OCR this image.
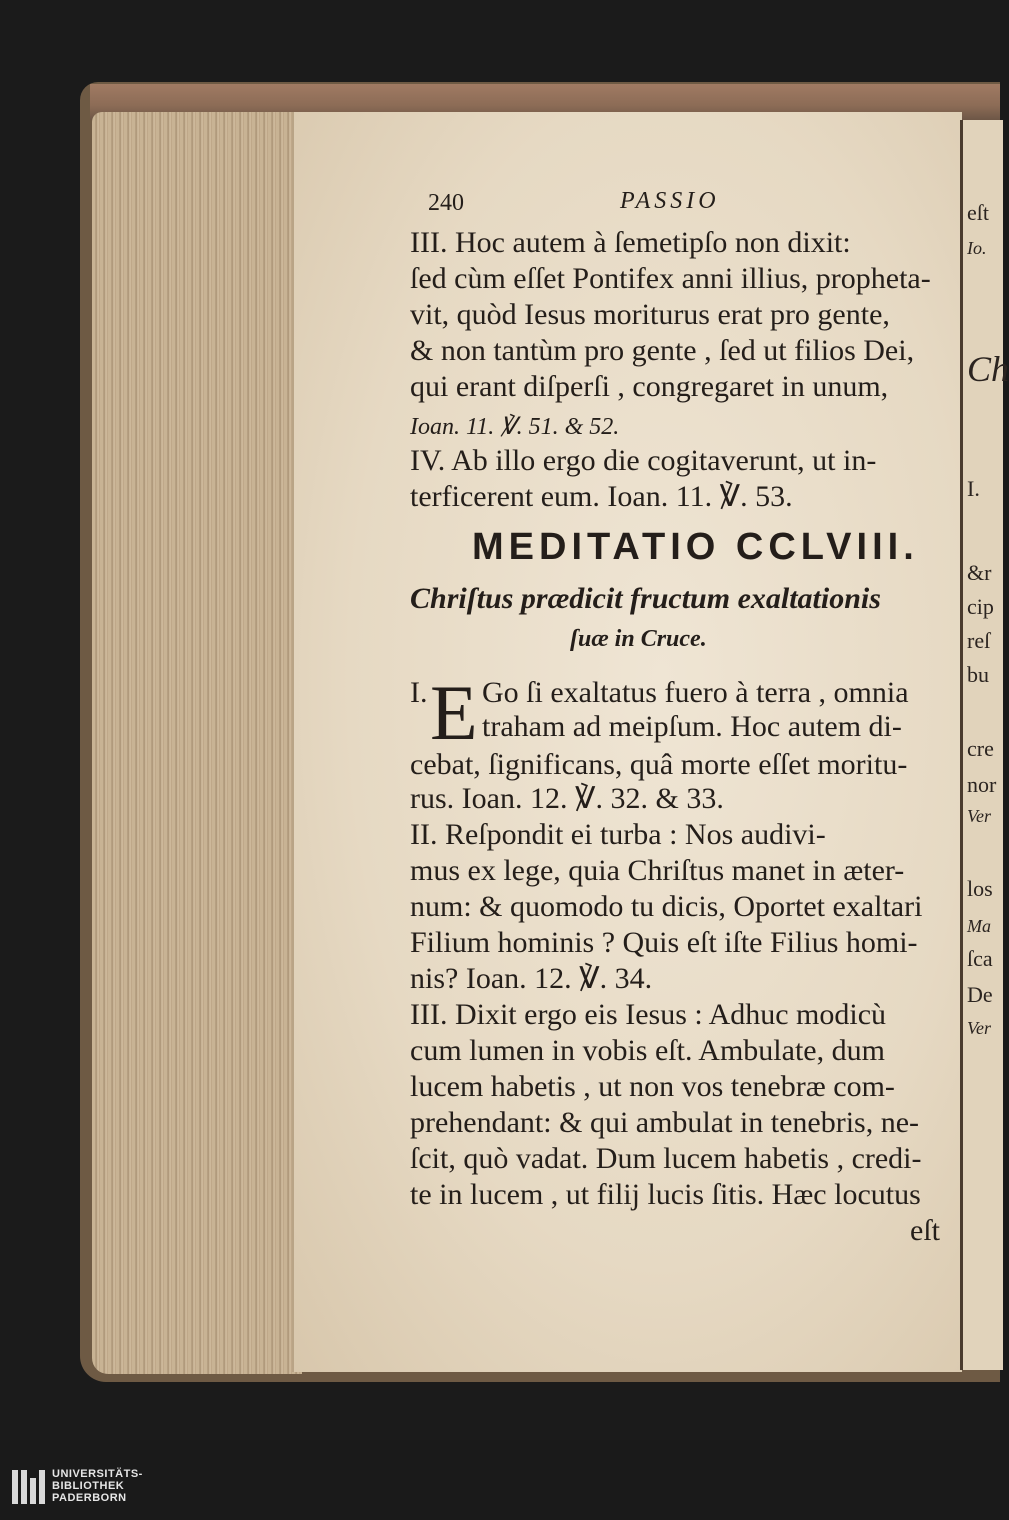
eſt
Io.
Ch
I.
&r
cip
reſ
bu
cre
nor
Ver
los
Ma
ſca
De
Ver
240	PASSIO
III. Hoc autem à ſemetipſo non dixit:
ſed cùm eſſet Pontifex anni illius, propheta-
vit, quòd Iesus moriturus erat pro gente,
& non tantùm pro gente , ſed ut filios Dei,
qui erant diſperſi , congregaret in unum,
Ioan. 11. ℣. 51. & 52.
IV. Ab illo ergo die cogitaverunt, ut in-
terficerent eum. Ioan. 11. ℣. 53.
MEDITATIO CCLVIII.
Chriſtus prædicit fructum exaltationis
ſuæ in Cruce.
I. E Go ſi exaltatus fuero à terra , omnia
traham ad meipſum. Hoc autem di-
cebat, ſignificans, quâ morte eſſet moritu-
rus. Ioan. 12. ℣. 32. & 33.
II. Reſpondit ei turba : Nos audivi-
mus ex lege, quia Chriſtus manet in æter-
num: & quomodo tu dicis, Oportet exaltari
Filium hominis ? Quis eſt iſte Filius homi-
nis? Ioan. 12. ℣. 34.
III. Dixit ergo eis Iesus : Adhuc modicù
cum lumen in vobis eſt. Ambulate, dum
lucem habetis , ut non vos tenebræ com-
prehendant: & qui ambulat in tenebris, ne-
ſcit, quò vadat. Dum lucem habetis , credi-
te in lucem , ut filij lucis ſitis. Hæc locutus
eſt
UNIVERSITÄTS-
BIBLIOTHEK
PADERBORN
